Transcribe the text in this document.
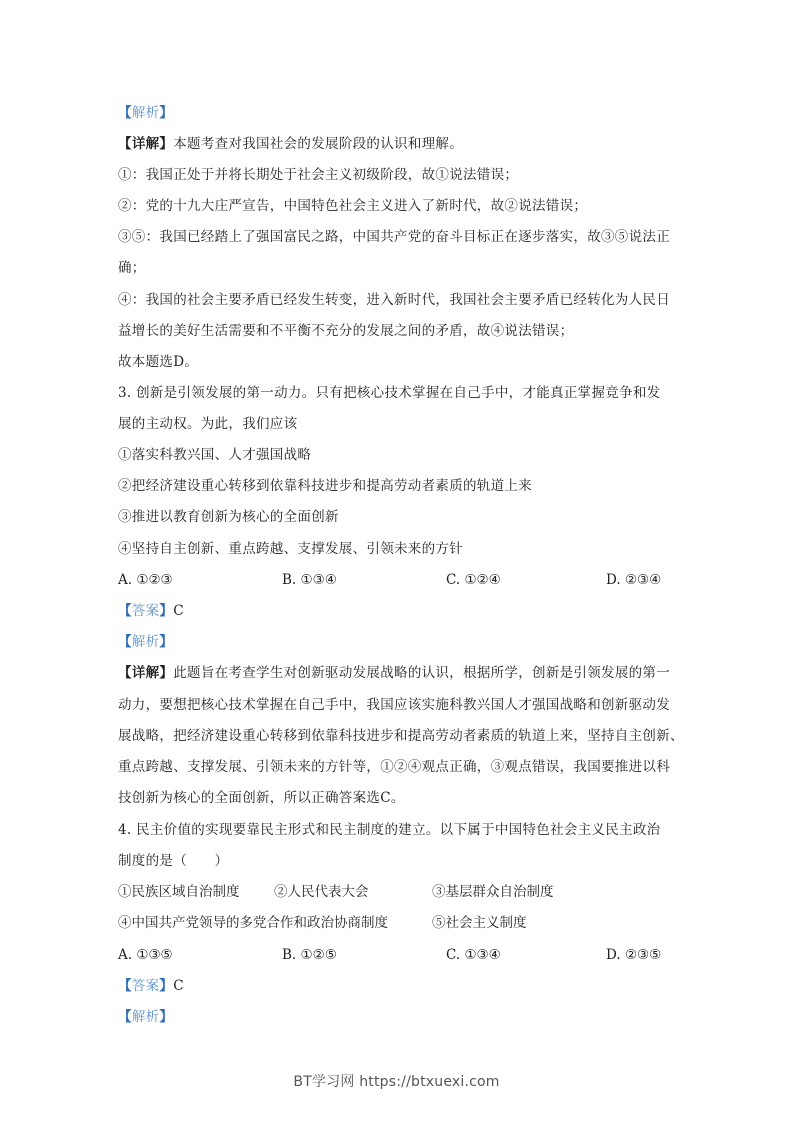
【解析】
【详解】本题考查对我国社会的发展阶段的认识和理解。
①：我国正处于并将长期处于社会主义初级阶段，故①说法错误；
②：党的十九大庄严宣告，中国特色社会主义进入了新时代，故②说法错误；
③⑤：我国已经踏上了强国富民之路，中国共产党的奋斗目标正在逐步落实，故③⑤说法正
确；
④：我国的社会主要矛盾已经发生转变，进入新时代，我国社会主要矛盾已经转化为人民日
益增长的美好生活需要和不平衡不充分的发展之间的矛盾，故④说法错误；
故本题选D。
3. 创新是引领发展的第一动力。只有把核心技术掌握在自己手中，才能真正掌握竞争和发
展的主动权。为此，我们应该
①落实科教兴国、人才强国战略
②把经济建设重心转移到依靠科技进步和提高劳动者素质的轨道上来
③推进以教育创新为核心的全面创新
④坚持自主创新、重点跨越、支撑发展、引领未来的方针
A. ①②③	B. ①③④	C. ①②④	D. ②③④
【答案】C
【解析】
【详解】此题旨在考查学生对创新驱动发展战略的认识，根据所学，创新是引领发展的第一
动力，要想把核心技术掌握在自己手中，我国应该实施科教兴国人才强国战略和创新驱动发
展战略，把经济建设重心转移到依靠科技进步和提高劳动者素质的轨道上来，坚持自主创新、
重点跨越、支撑发展、引领未来的方针等，①②④观点正确，③观点错误，我国要推进以科
技创新为核心的全面创新，所以正确答案选C。
4. 民主价值的实现要靠民主形式和民主制度的建立。以下属于中国特色社会主义民主政治
制度的是（　　）
①民族区域自治制度	②人民代表大会	③基层群众自治制度
④中国共产党领导的多党合作和政治协商制度	⑤社会主义制度
A. ①③⑤	B. ①②⑤	C. ①③④	D. ②③⑤
【答案】C
【解析】
BT学习网 https://btxuexi.com
